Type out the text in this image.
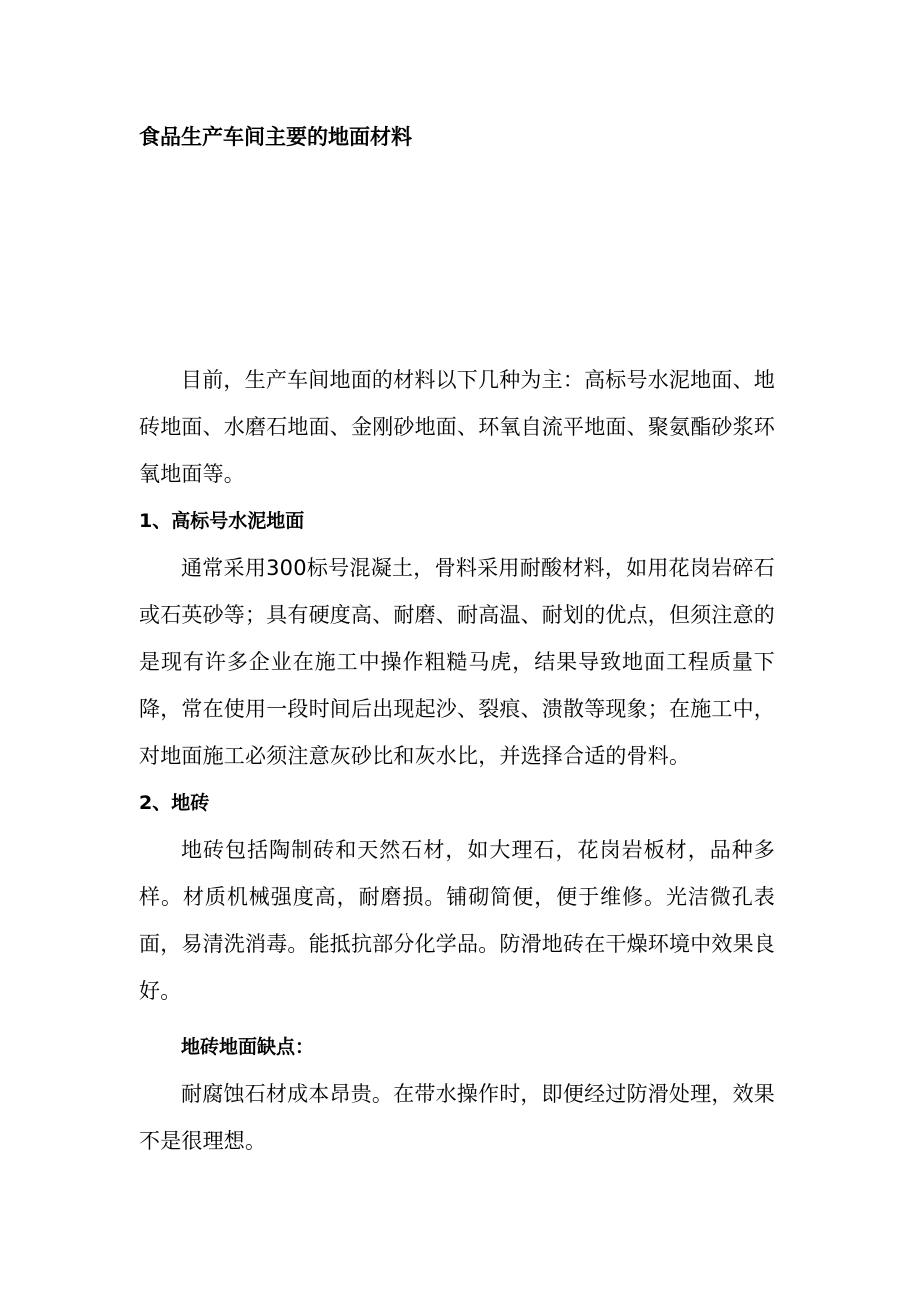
食品生产车间主要的地面材料

目前，生产车间地面的材料以下几种为主：高标号水泥地面、地砖地面、水磨石地面、金刚砂地面、环氧自流平地面、聚氨酯砂浆环氧地面等。

1、高标号水泥地面

通常采用300标号混凝土，骨料采用耐酸材料，如用花岗岩碎石或石英砂等；具有硬度高、耐磨、耐高温、耐划的优点，但须注意的是现有许多企业在施工中操作粗糙马虎，结果导致地面工程质量下降，常在使用一段时间后出现起沙、裂痕、溃散等现象；在施工中，对地面施工必须注意灰砂比和灰水比，并选择合适的骨料。

2、地砖

地砖包括陶制砖和天然石材，如大理石，花岗岩板材，品种多样。材质机械强度高，耐磨损。铺砌简便，便于维修。光洁微孔表面，易清洗消毒。能抵抗部分化学品。防滑地砖在干燥环境中效果良好。

地砖地面缺点：

耐腐蚀石材成本昂贵。在带水操作时，即便经过防滑处理，效果不是很理想。
